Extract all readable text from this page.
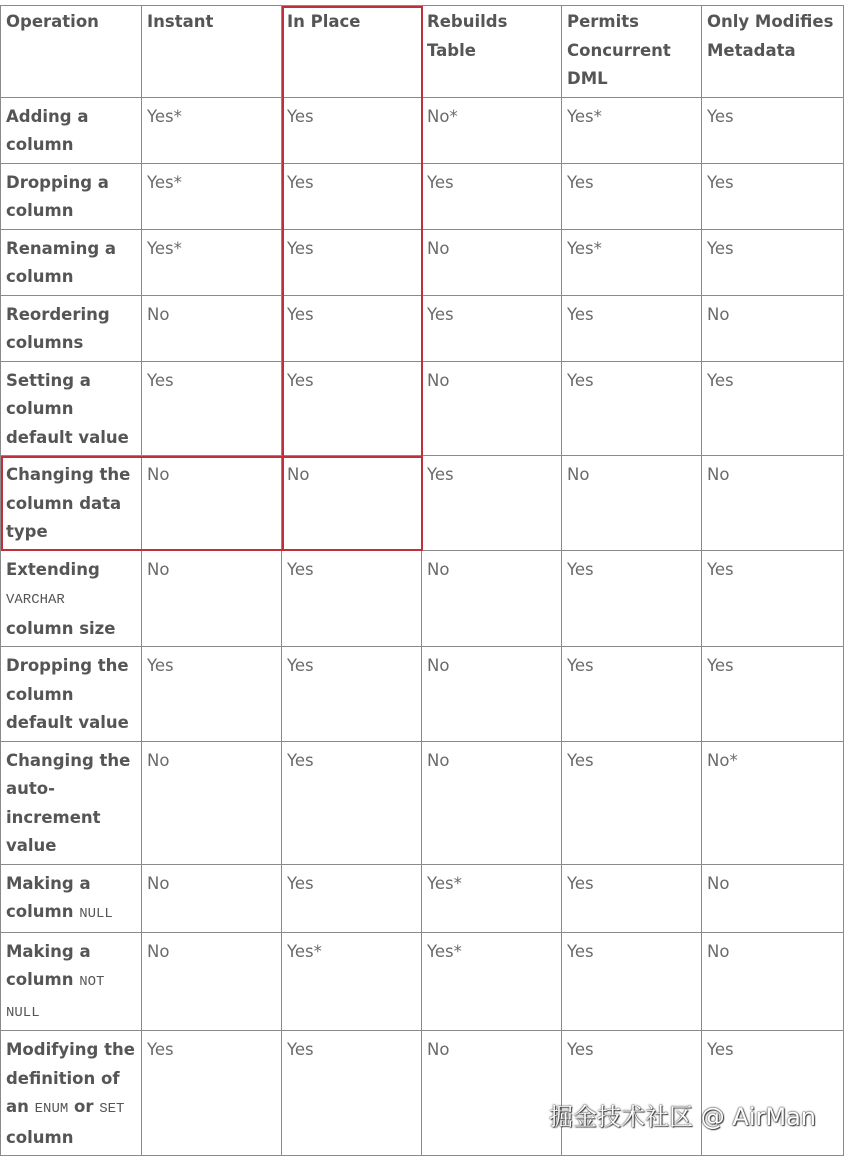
Operation	Instant	In Place	Rebuilds Table	Permits Concurrent DML	Only Modifies Metadata
Adding a column	Yes*	Yes	No*	Yes*	Yes
Dropping a column	Yes*	Yes	Yes	Yes	Yes
Renaming a column	Yes*	Yes	No	Yes*	Yes
Reordering columns	No	Yes	Yes	Yes	No
Setting a column default value	Yes	Yes	No	Yes	Yes
Changing the column data type	No	No	Yes	No	No
Extending VARCHAR column size	No	Yes	No	Yes	Yes
Dropping the column default value	Yes	Yes	No	Yes	Yes
Changing the auto-increment value	No	Yes	No	Yes	No*
Making a column NULL	No	Yes	Yes*	Yes	No
Making a column NOT NULL	No	Yes*	Yes*	Yes	No
Modifying the definition of an ENUM or SET column	Yes	Yes	No	Yes	Yes
掘金技术社区 @ AirMan
